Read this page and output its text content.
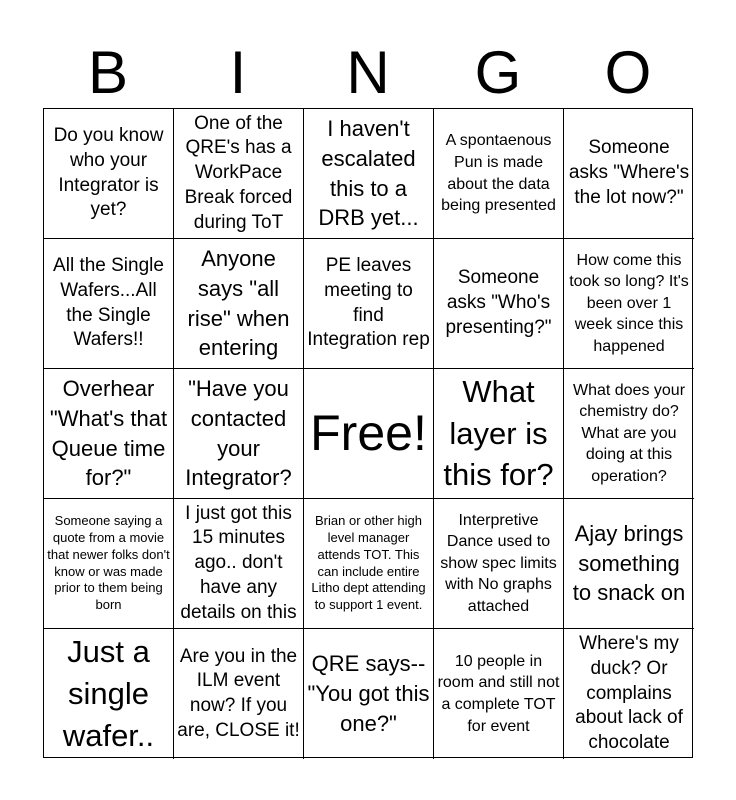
B	I	N	G	O
Do you know who your Integrator is yet?
One of the QRE's has a WorkPace Break forced during ToT
I haven't escalated this to a DRB yet...
A spontaenous Pun is made about the data being presented
Someone asks "Where's the lot now?"
All the Single Wafers...All the Single Wafers!!
Anyone says "all rise" when entering
PE leaves meeting to find Integration rep
Someone asks "Who's presenting?"
How come this took so long? It's been over 1 week since this happened
Overhear "What's that Queue time for?"
"Have you contacted your Integrator?
Free!
What layer is this for?
What does your chemistry do? What are you doing at this operation?
Someone saying a quote from a movie that newer folks don't know or was made prior to them being born
I just got this 15 minutes ago.. don't have any details on this
Brian or other high level manager attends TOT. This can include entire Litho dept attending to support 1 event.
Interpretive Dance used to show spec limits with No graphs attached
Ajay brings something to snack on
Just a single wafer..
Are you in the ILM event now? If you are, CLOSE it!
QRE says--"You got this one?"
10 people in room and still not a complete TOT for event
Where's my duck? Or complains about lack of chocolate
